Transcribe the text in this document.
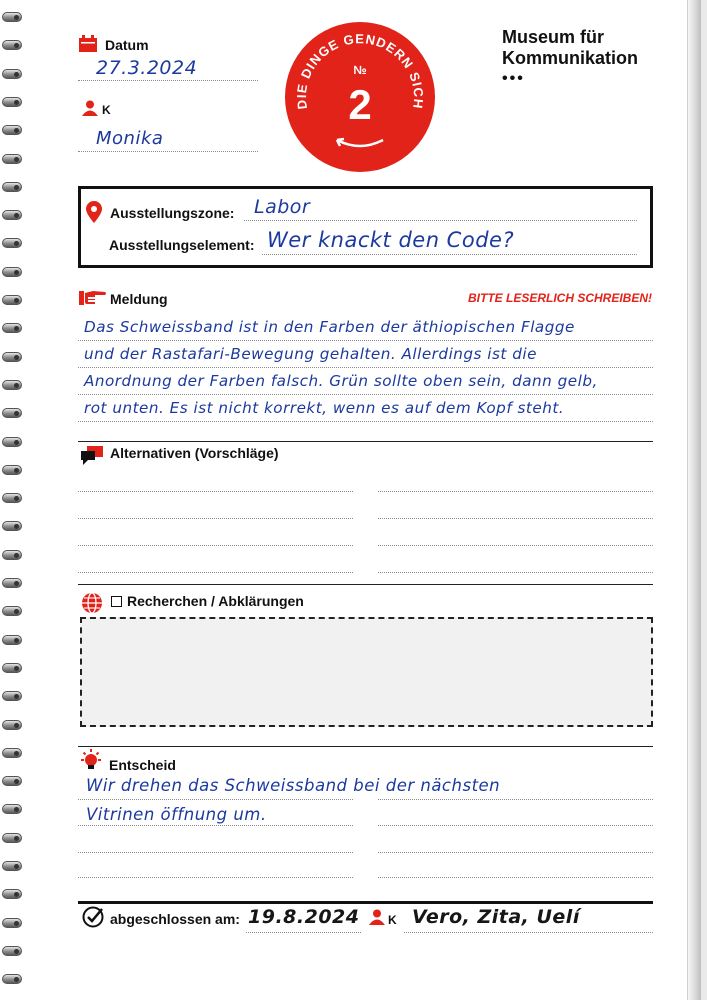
Datum
27.3.2024
K
Monika
DIE DINGE GENDERN SICH
№
2
Museum für
Kommunikation
•••
Ausstellungszone: Labor
Ausstellungselement: Wer knackt den Code?
Meldung	BITTE LESERLICH SCHREIBEN!
Das Schweissband ist in den Farben der äthiopischen Flagge
und der Rastafari-Bewegung gehalten. Allerdings ist die
Anordnung der Farben falsch. Grün sollte oben sein, dann gelb,
rot unten. Es ist nicht korrekt, wenn es auf dem Kopf steht.
Alternativen (Vorschläge)
Recherchen / Abklärungen
Entscheid
Wir drehen das Schweissband bei der nächsten
Vitrinen öffnung um.
abgeschlossen am: 19.8.2024 K Vero, Zita, Uelí
